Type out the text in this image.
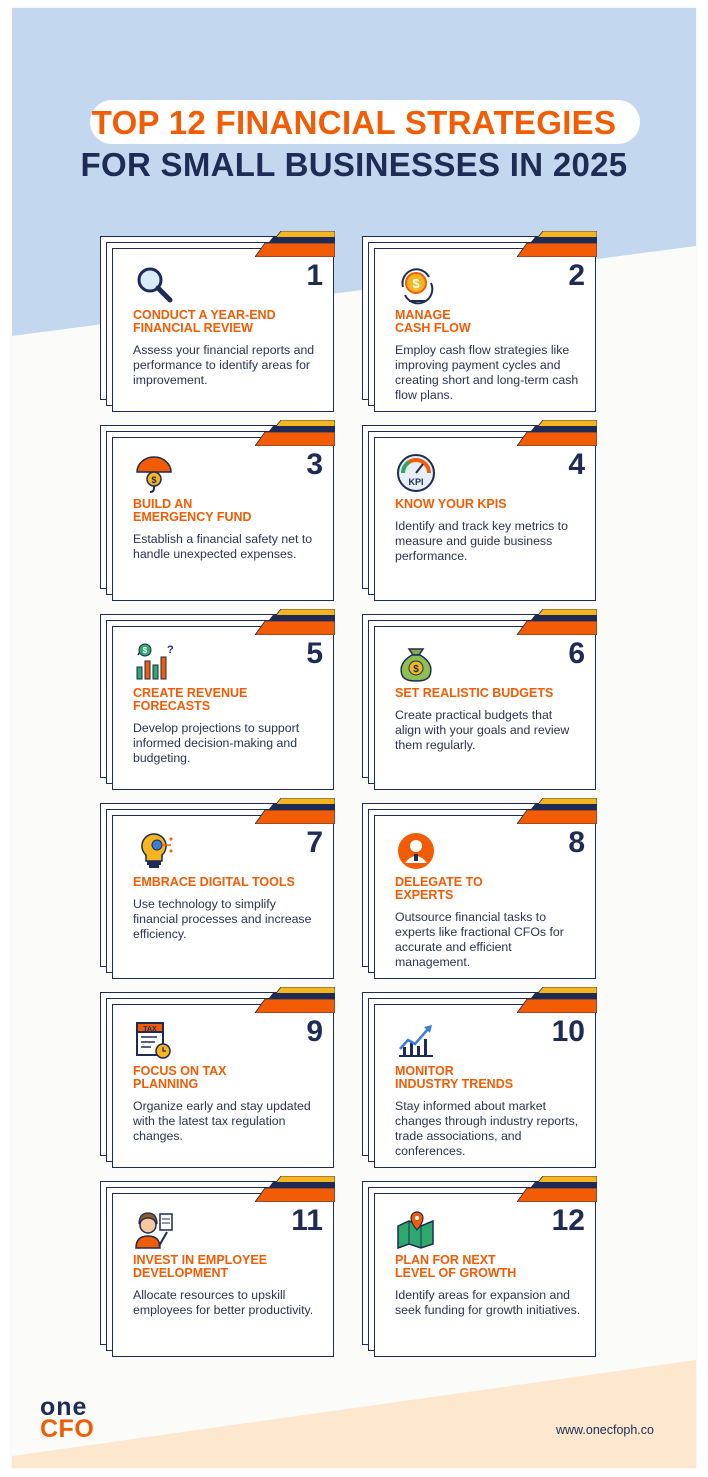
TOP 12 FINANCIAL STRATEGIES
FOR SMALL BUSINESSES IN 2025
1
CONDUCT A YEAR-END
FINANCIAL REVIEW
Assess your financial reports and performance to identify areas for improvement.
$	2
MANAGE
CASH FLOW
Employ cash flow strategies like improving payment cycles and creating short and long-term cash flow plans.
$	3
BUILD AN
EMERGENCY FUND
Establish a financial safety net to handle unexpected expenses.
KPI
4
KNOW YOUR KPIS
Identify and track key metrics to measure and guide business performance.
$ ?	5
CREATE REVENUE
FORECASTS
Develop projections to support informed decision-making and budgeting.
$	6
SET REALISTIC BUDGETS
Create practical budgets that align with your goals and review them regularly.
7
EMBRACE DIGITAL TOOLS
Use technology to simplify financial processes and increase efficiency.
8
DELEGATE TO
EXPERTS
Outsource financial tasks to experts like fractional CFOs for accurate and efficient management.
TAX	9
FOCUS ON TAX
PLANNING
Organize early and stay updated with the latest tax regulation changes.
10
MONITOR
INDUSTRY TRENDS
Stay informed about market changes through industry reports, trade associations, and conferences.
11
INVEST IN EMPLOYEE
DEVELOPMENT
Allocate resources to upskill employees for better productivity.
12
PLAN FOR NEXT
LEVEL OF GROWTH
Identify areas for expansion and seek funding for growth initiatives.
one
CFO	www.onecfoph.co
